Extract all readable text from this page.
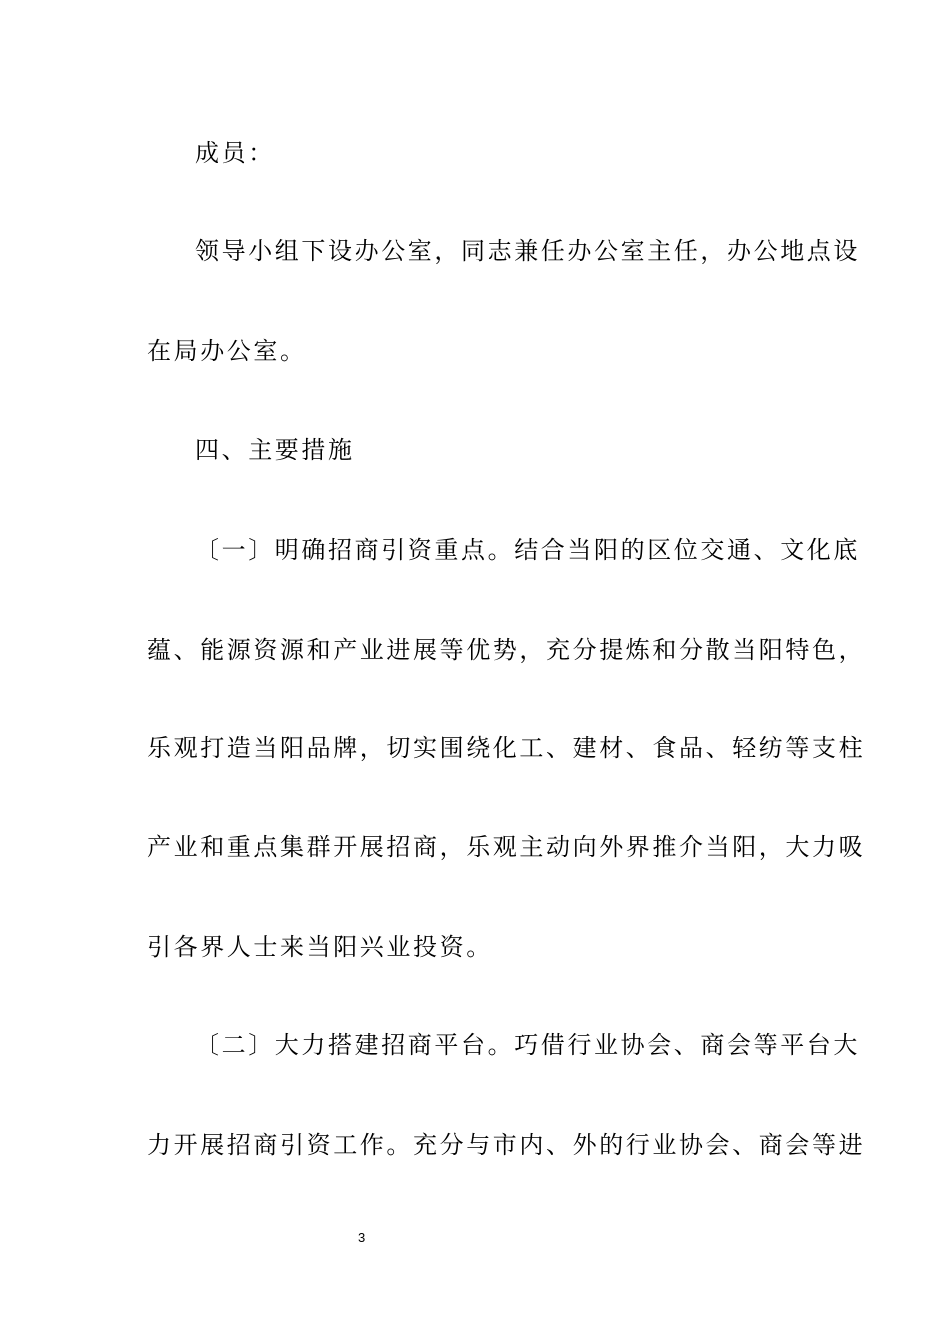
成员：
领导小组下设办公室，同志兼任办公室主任，办公地点设
在局办公室。
四、主要措施
〔一〕明确招商引资重点。结合当阳的区位交通、文化底
蕴、能源资源和产业进展等优势，充分提炼和分散当阳特色，
乐观打造当阳品牌，切实围绕化工、建材、食品、轻纺等支柱
产业和重点集群开展招商，乐观主动向外界推介当阳，大力吸
引各界人士来当阳兴业投资。
〔二〕大力搭建招商平台。巧借行业协会、商会等平台大
力开展招商引资工作。充分与市内、外的行业协会、商会等进
3
